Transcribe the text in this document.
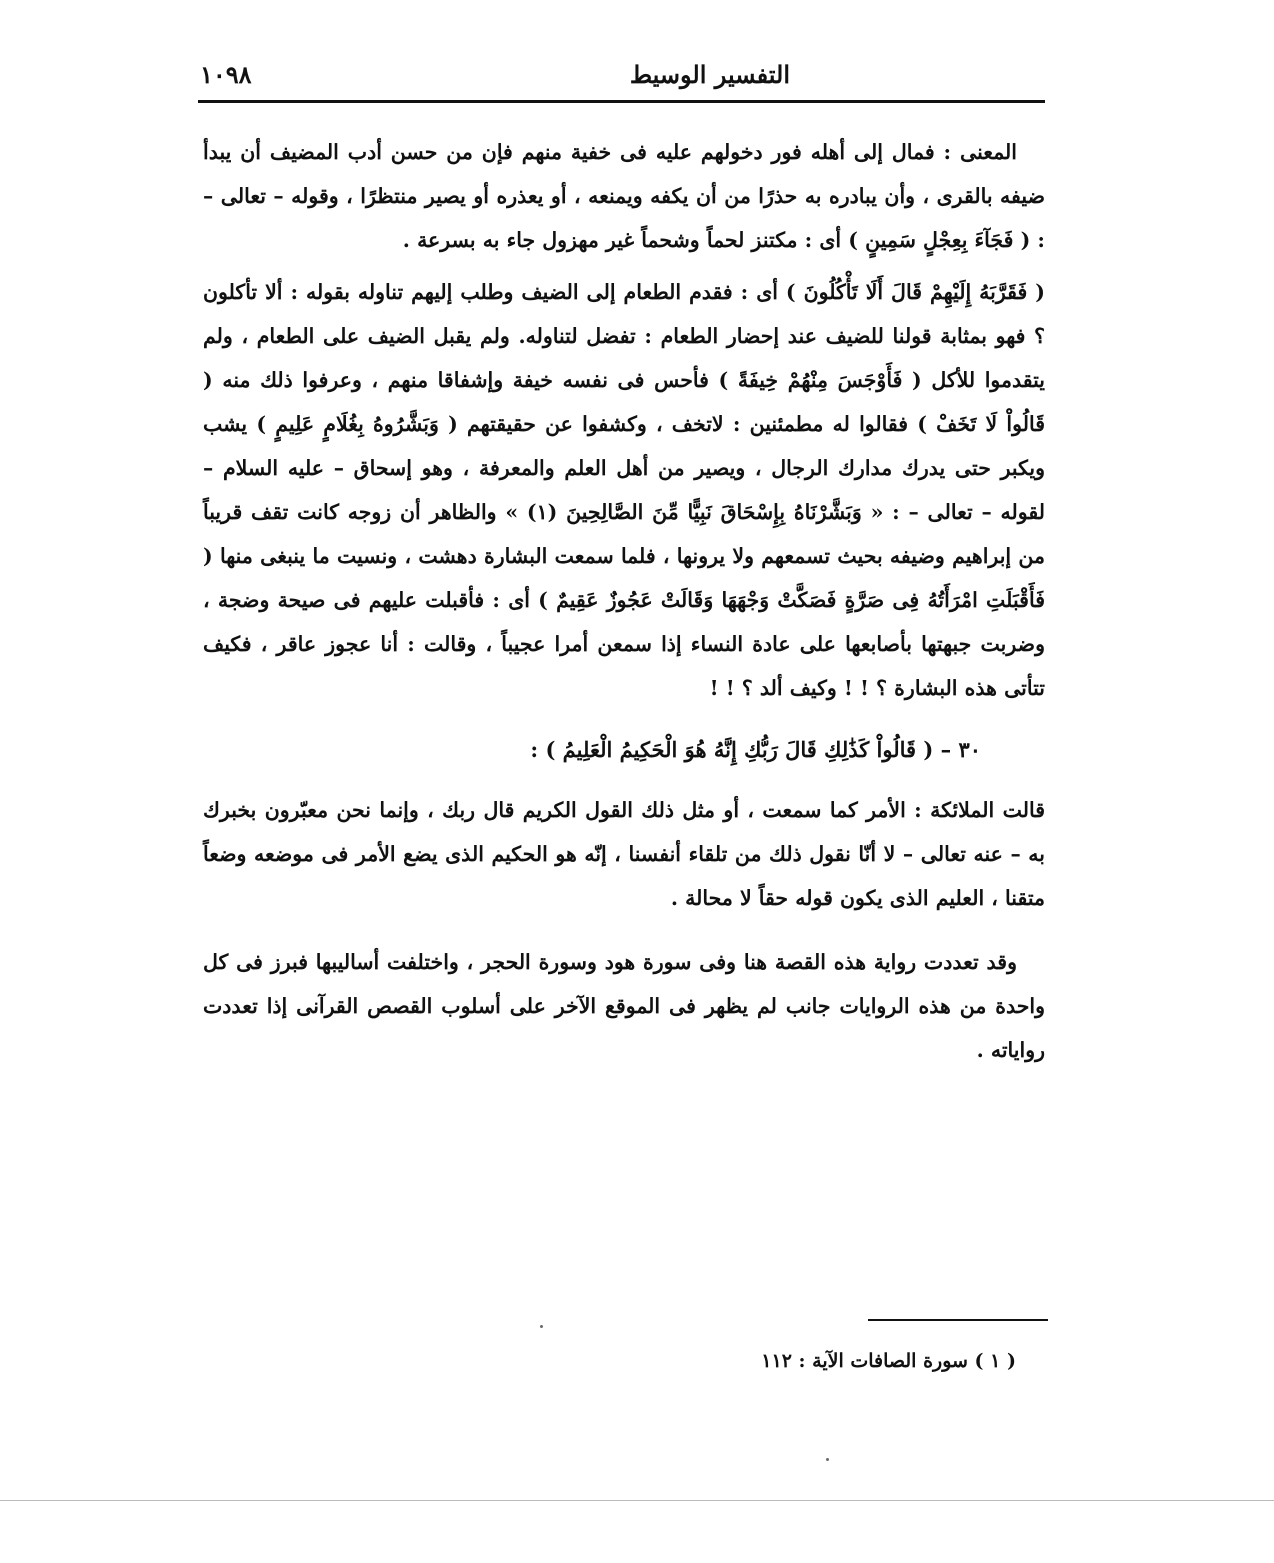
التفسير الوسيط
١٠٩٨

المعنى : فمال إلى أهله فور دخولهم عليه فى خفية منهم فإن من حسن أدب المضيف أن يبدأ ضيفه بالقرى ، وأن يبادره به حذرًا من أن يكفه ويمنعه ، أو يعذره أو يصير منتظرًا ، وقوله – تعالى – : ( فَجَآءَ بِعِجْلٍ سَمِينٍ ) أى : مكتنز لحماً وشحماً غير مهزول جاء به بسرعة .

( فَقَرَّبَهُ إِلَيْهِمْ قَالَ أَلَا تَأْكُلُونَ ) أى : فقدم الطعام إلى الضيف وطلب إليهم تناوله بقوله : ألا تأكلون ؟ فهو بمثابة قولنا للضيف عند إحضار الطعام : تفضل لتناوله. ولم يقبل الضيف على الطعام ، ولم يتقدموا للأكل ( فَأَوْجَسَ مِنْهُمْ خِيفَةً ) فأحس فى نفسه خيفة وإشفاقا منهم ، وعرفوا ذلك منه ( قَالُواْ لَا تَخَفْ ) فقالوا له مطمئنين : لاتخف ، وكشفوا عن حقيقتهم ( وَبَشَّرُوهُ بِغُلَامٍ عَلِيمٍ ) يشب ويكبر حتى يدرك مدارك الرجال ، ويصير من أهل العلم والمعرفة ، وهو إسحاق – عليه السلام – لقوله – تعالى – : « وَبَشَّرْنَاهُ بِإِسْحَاقَ نَبِيًّا مِّنَ الصَّالِحِينَ (١) » والظاهر أن زوجه كانت تقف قريباً من إبراهيم وضيفه بحيث تسمعهم ولا يرونها ، فلما سمعت البشارة دهشت ، ونسيت ما ينبغى منها ( فَأَقْبَلَتِ امْرَأَتُهُ فِى صَرَّةٍ فَصَكَّتْ وَجْهَهَا وَقَالَتْ عَجُوزٌ عَقِيمٌ ) أى : فأقبلت عليهم فى صيحة وضجة ، وضربت جبهتها بأصابعها على عادة النساء إذا سمعن أمرا عجيباً ، وقالت : أنا عجوز عاقر ، فكيف تتأتى هذه البشارة ؟ ! ! وكيف ألد ؟ ! !

٣٠ – ( قَالُواْ كَذَٰلِكِ قَالَ رَبُّكِ إِنَّهُ هُوَ الْحَكِيمُ الْعَلِيمُ ) :

قالت الملائكة : الأمر كما سمعت ، أو مثل ذلك القول الكريم قال ربك ، وإنما نحن معبّرون بخبرك به – عنه تعالى – لا أنّا نقول ذلك من تلقاء أنفسنا ، إنّه هو الحكيم الذى يضع الأمر فى موضعه وضعاً متقنا ، العليم الذى يكون قوله حقاً لا محالة .

وقد تعددت رواية هذه القصة هنا وفى سورة هود وسورة الحجر ، واختلفت أساليبها فبرز فى كل واحدة من هذه الروايات جانب لم يظهر فى الموقع الآخر على أسلوب القصص القرآنى إذا تعددت رواياته .

( ١ ) سورة الصافات الآية : ١١٢
